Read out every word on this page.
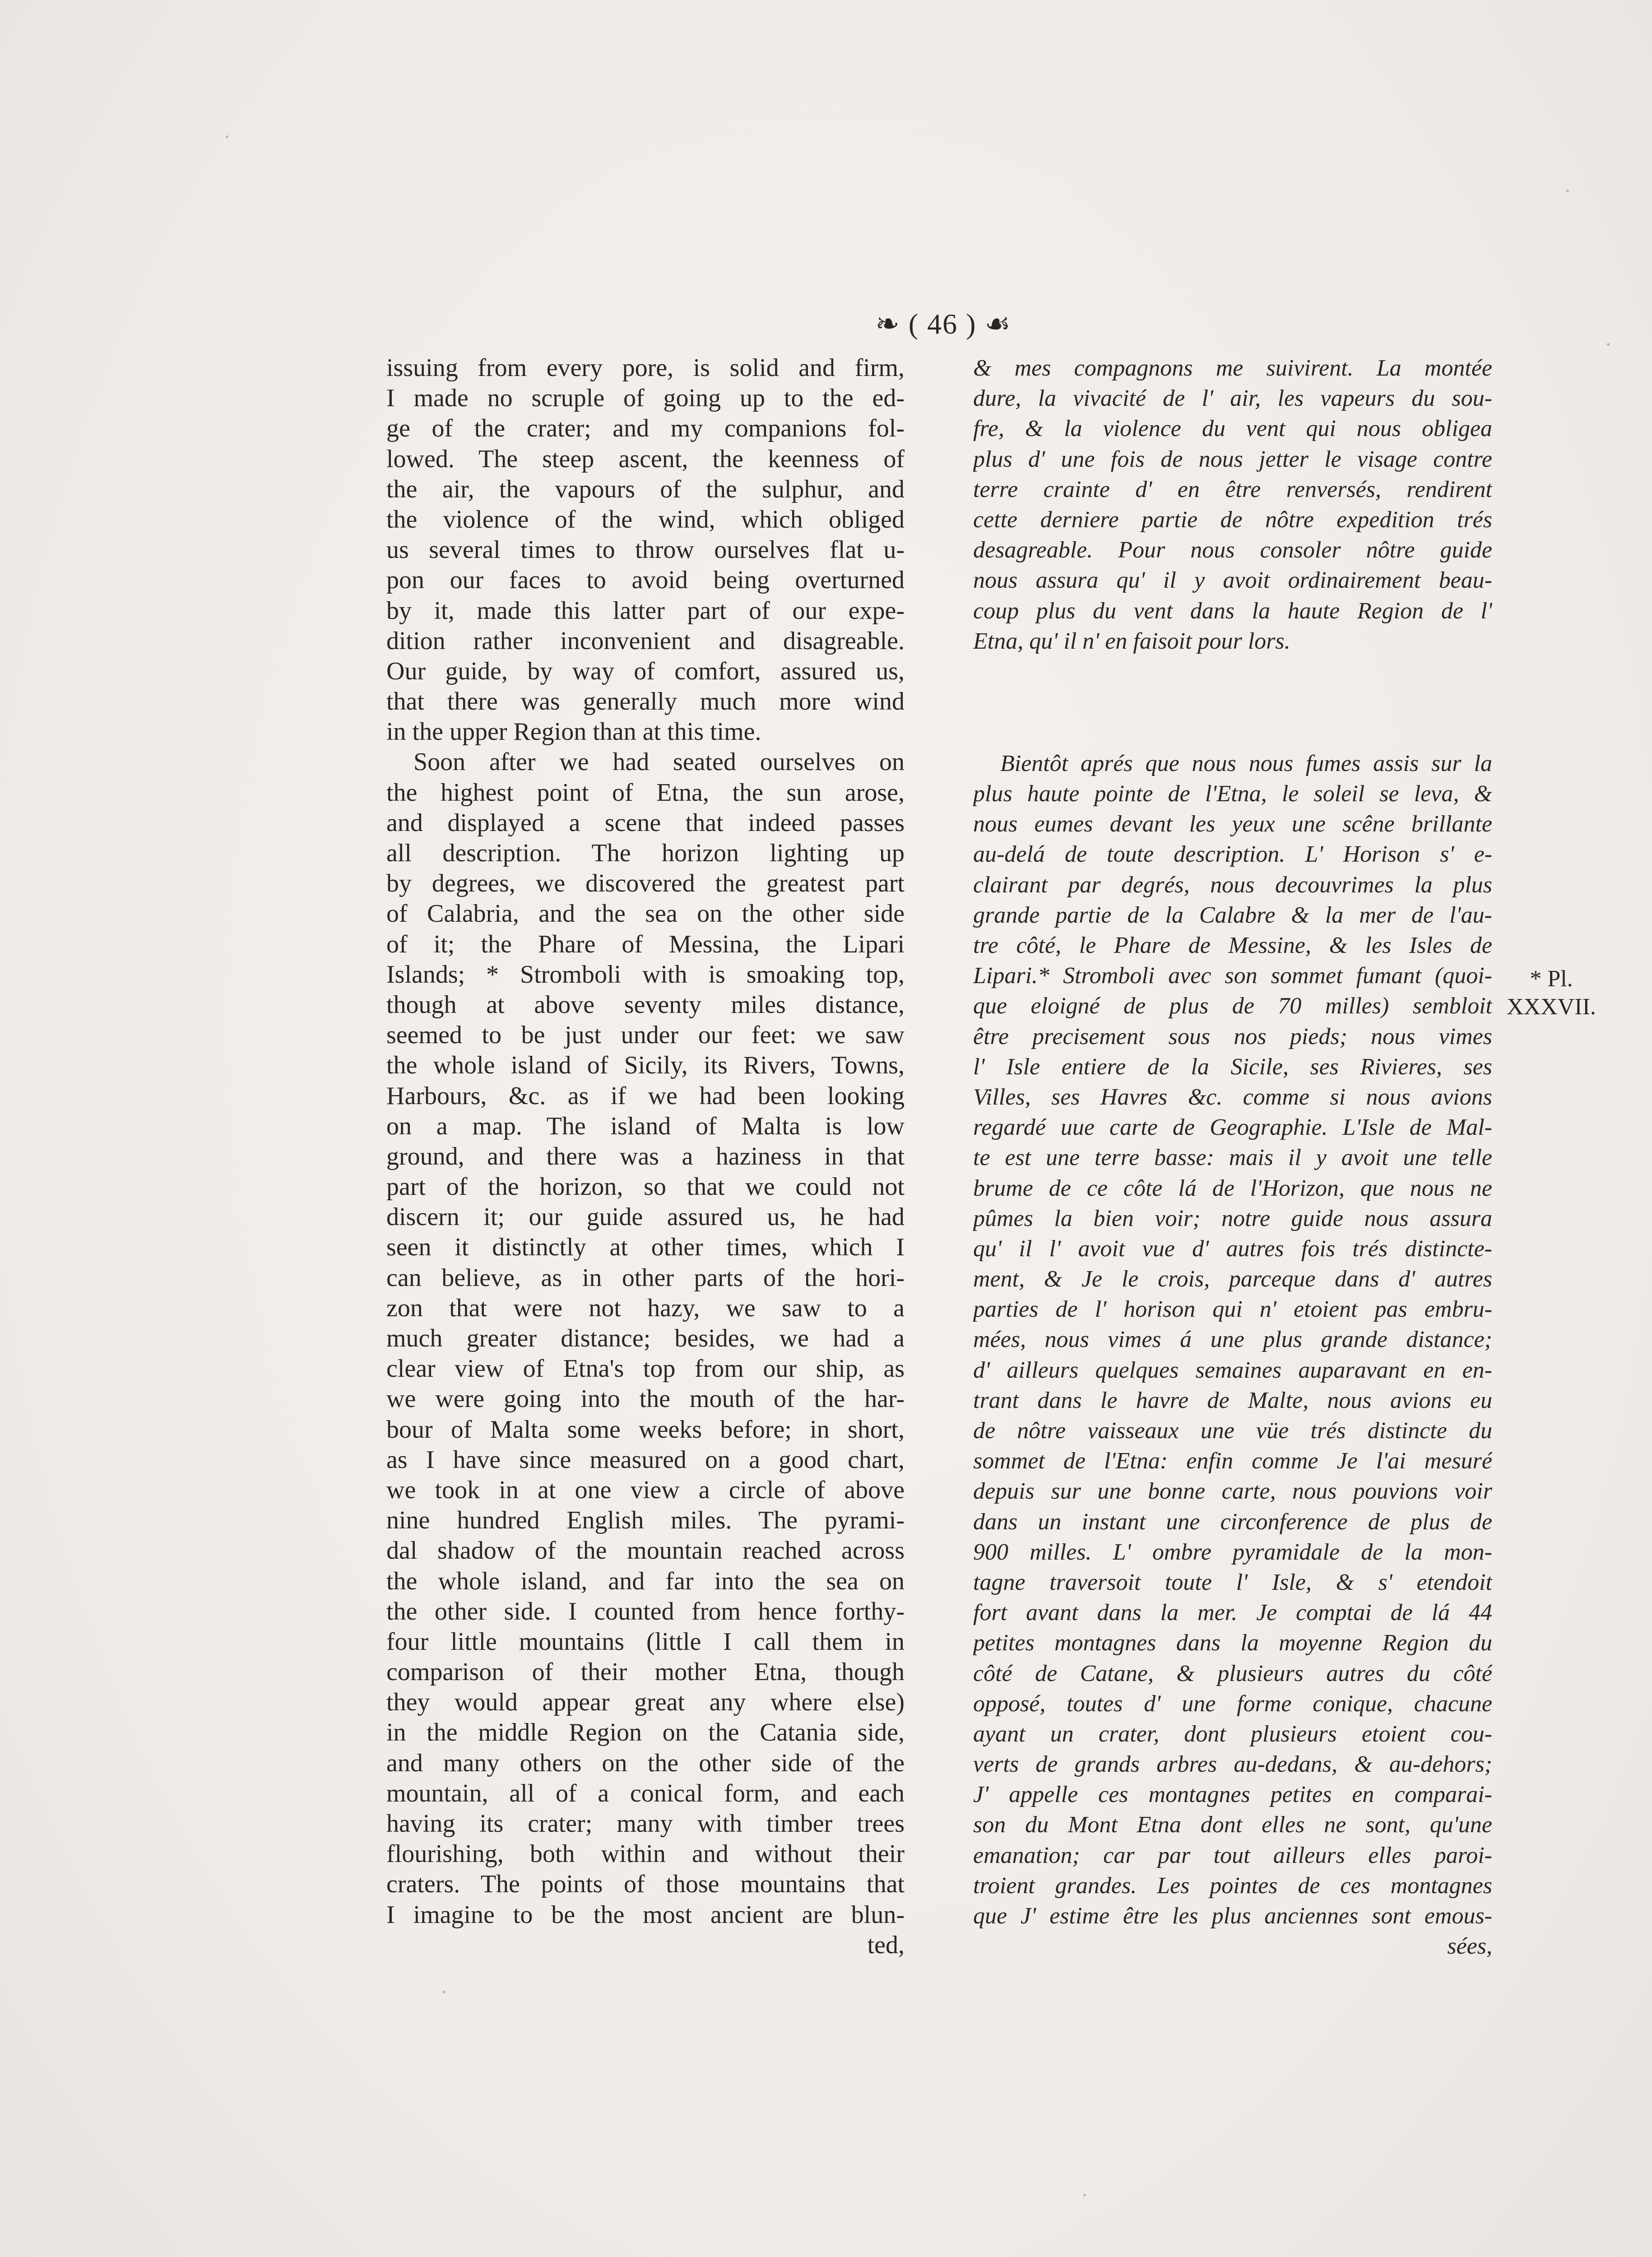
❧ ( 46 ) ☙
issuing from every pore, is solid and firm,
I made no scruple of going up to the ed-
ge of the crater; and my companions fol-
lowed. The steep ascent, the keenness of
the air, the vapours of the sulphur, and
the violence of the wind, which obliged
us several times to throw ourselves flat u-
pon our faces to avoid being overturned
by it, made this latter part of our expe-
dition rather inconvenient and disagreable.
Our guide, by way of comfort, assured us,
that there was generally much more wind
in the upper Region than at this time.
Soon after we had seated ourselves on
the highest point of Etna, the sun arose,
and displayed a scene that indeed passes
all description. The horizon lighting up
by degrees, we discovered the greatest part
of Calabria, and the sea on the other side
of it; the Phare of Messina, the Lipari
Islands; * Stromboli with is smoaking top,
though at above seventy miles distance,
seemed to be just under our feet: we saw
the whole island of Sicily, its Rivers, Towns,
Harbours, &c. as if we had been looking
on a map. The island of Malta is low
ground, and there was a haziness in that
part of the horizon, so that we could not
discern it; our guide assured us, he had
seen it distinctly at other times, which I
can believe, as in other parts of the hori-
zon that were not hazy, we saw to a
much greater distance; besides, we had a
clear view of Etna's top from our ship, as
we were going into the mouth of the har-
bour of Malta some weeks before; in short,
as I have since measured on a good chart,
we took in at one view a circle of above
nine hundred English miles. The pyrami-
dal shadow of the mountain reached across
the whole island, and far into the sea on
the other side. I counted from hence forthy-
four little mountains (little I call them in
comparison of their mother Etna, though
they would appear great any where else)
in the middle Region on the Catania side,
and many others on the other side of the
mountain, all of a conical form, and each
having its crater; many with timber trees
flourishing, both within and without their
craters. The points of those mountains that
I imagine to be the most ancient are blun-
ted,
& mes compagnons me suivirent. La montée
dure, la vivacité de l' air, les vapeurs du sou-
fre, & la violence du vent qui nous obligea
plus d' une fois de nous jetter le visage contre
terre crainte d' en être renversés, rendirent
cette derniere partie de nôtre expedition trés
desagreable. Pour nous consoler nôtre guide
nous assura qu' il y avoit ordinairement beau-
coup plus du vent dans la haute Region de l'
Etna, qu' il n' en faisoit pour lors.
Bientôt aprés que nous nous fumes assis sur la
plus haute pointe de l'Etna, le soleil se leva, &
nous eumes devant les yeux une scêne brillante
au-delá de toute description. L' Horison s' e-
clairant par degrés, nous decouvrimes la plus
grande partie de la Calabre & la mer de l'au-
tre côté, le Phare de Messine, & les Isles de
Lipari.* Stromboli avec son sommet fumant (quoi-
que eloigné de plus de 70 milles) sembloit
être precisement sous nos pieds; nous vimes
l' Isle entiere de la Sicile, ses Rivieres, ses
Villes, ses Havres &c. comme si nous avions
regardé uue carte de Geographie. L'Isle de Mal-
te est une terre basse: mais il y avoit une telle
brume de ce côte lá de l'Horizon, que nous ne
pûmes la bien voir; notre guide nous assura
qu' il l' avoit vue d' autres fois trés distincte-
ment, & Je le crois, parceque dans d' autres
parties de l' horison qui n' etoient pas embru-
mées, nous vimes á une plus grande distance;
d' ailleurs quelques semaines auparavant en en-
trant dans le havre de Malte, nous avions eu
de nôtre vaisseaux une vüe trés distincte du
sommet de l'Etna: enfin comme Je l'ai mesuré
depuis sur une bonne carte, nous pouvions voir
dans un instant une circonference de plus de
900 milles. L' ombre pyramidale de la mon-
tagne traversoit toute l' Isle, & s' etendoit
fort avant dans la mer. Je comptai de lá 44
petites montagnes dans la moyenne Region du
côté de Catane, & plusieurs autres du côté
opposé, toutes d' une forme conique, chacune
ayant un crater, dont plusieurs etoient cou-
verts de grands arbres au-dedans, & au-dehors;
J' appelle ces montagnes petites en comparai-
son du Mont Etna dont elles ne sont, qu'une
emanation; car par tout ailleurs elles paroi-
troient grandes. Les pointes de ces montagnes
que J' estime être les plus anciennes sont emous-
sées,
* Pl.
XXXVII.
